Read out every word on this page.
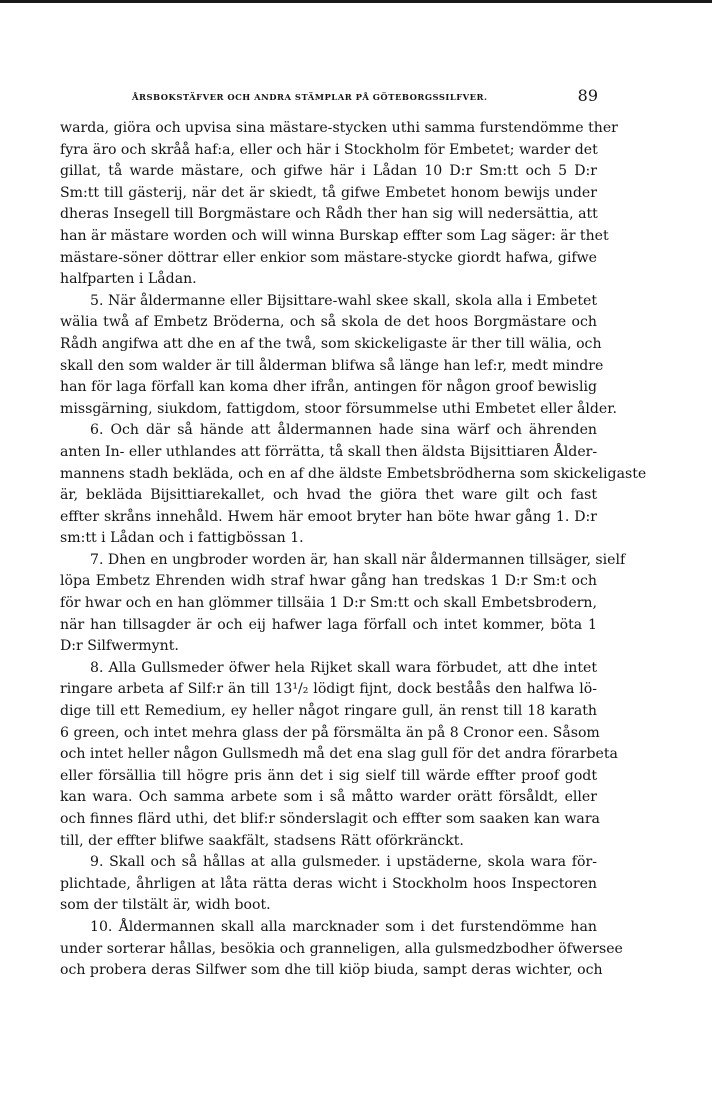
ÅRSBOKSTÄFVER OCH ANDRA STÄMPLAR PÅ GÖTEBORGSSILFVER.	89
warda, giöra och upvisa sina mästare-stycken uthi samma furstendömme ther
fyra äro och skråå haf:a, eller och här i Stockholm för Embetet; warder det
gillat, tå warde mästare, och gifwe här i Lådan 10 D:r Sm:tt och 5 D:r
Sm:tt till gästerij, när det är skiedt, tå gifwe Embetet honom bewijs under
dheras Insegell till Borgmästare och Rådh ther han sig will nedersättia, att
han är mästare worden och will winna Burskap effter som Lag säger: är thet
mästare-söner döttrar eller enkior som mästare-stycke giordt hafwa, gifwe
halfparten i Lådan.
5. När åldermanne eller Bijsittare-wahl skee skall, skola alla i Embetet
wälia twå af Embetz Bröderna, och så skola de det hoos Borgmästare och
Rådh angifwa att dhe en af the twå, som skickeligaste är ther till wälia, och
skall den som walder är till ålderman blifwa så länge han lef:r, medt mindre
han för laga förfall kan koma dher ifrån, antingen för någon groof bewislig
missgärning, siukdom, fattigdom, stoor försummelse uthi Embetet eller ålder.
6. Och där så hände att åldermannen hade sina wärf och ährenden
anten In- eller uthlandes att förrätta, tå skall then äldsta Bijsittiaren Ålder-
mannens stadh bekläda, och en af dhe äldste Embetsbrödherna som skickeligaste
är, bekläda Bijsittiarekallet, och hvad the giöra thet ware gilt och fast
effter skråns innehåld. Hwem här emoot bryter han böte hwar gång 1. D:r
sm:tt i Lådan och i fattigbössan 1.
7. Dhen en ungbroder worden är, han skall när åldermannen tillsäger, sielf
löpa Embetz Ehrenden widh straf hwar gång han tredskas 1 D:r Sm:t och
för hwar och en han glömmer tillsäia 1 D:r Sm:tt och skall Embetsbrodern,
när han tillsagder är och eij hafwer laga förfall och intet kommer, böta 1
D:r Silfwermynt.
8. Alla Gullsmeder öfwer hela Rijket skall wara förbudet, att dhe intet
ringare arbeta af Silf:r än till 13¹/₂ lödigt fijnt, dock beståås den halfwa lö-
dige till ett Remedium, ey heller något ringare gull, än renst till 18 karath
6 green, och intet mehra glass der på försmälta än på 8 Cronor een. Såsom
och intet heller någon Gullsmedh må det ena slag gull för det andra förarbeta
eller försällia till högre pris änn det i sig sielf till wärde effter proof godt
kan wara. Och samma arbete som i så måtto warder orätt försåldt, eller
och finnes flärd uthi, det blif:r sönderslagit och effter som saaken kan wara
till, der effter blifwe saakfält, stadsens Rätt oförkränckt.
9. Skall och så hållas at alla gulsmeder. i upstäderne, skola wara för-
plichtade, åhrligen at låta rätta deras wicht i Stockholm hoos Inspectoren
som der tilstält är, widh boot.
10. Åldermannen skall alla marcknader som i det furstendömme han
under sorterar hållas, besökia och granneligen, alla gulsmedzbodher öfwersee
och probera deras Silfwer som dhe till kiöp biuda, sampt deras wichter, och
